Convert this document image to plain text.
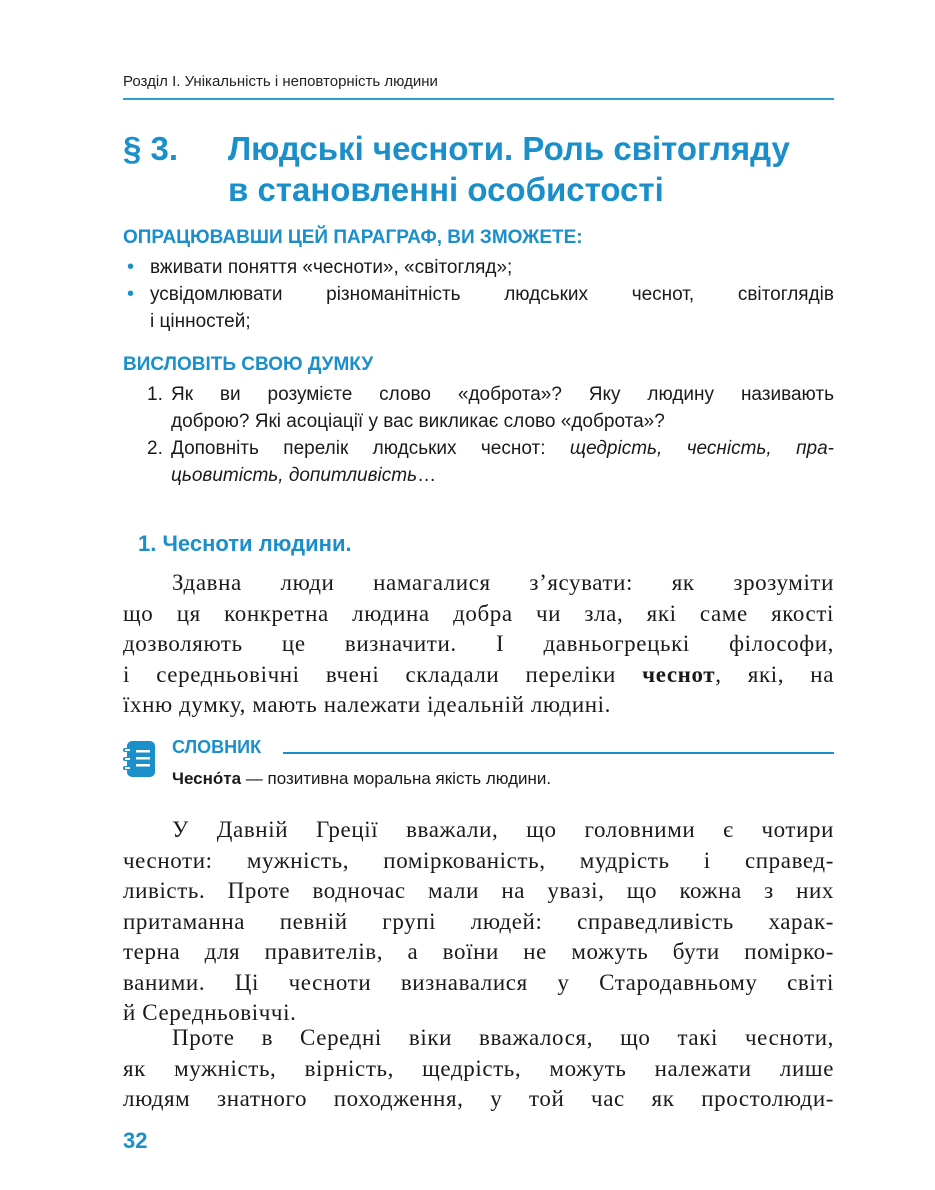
Розділ І. Унікальність і неповторність людини
§ 3. Людські чесноти. Роль світогляду
в становленні особистості
ОПРАЦЮВАВШИ ЦЕЙ ПАРАГРАФ, ВИ ЗМОЖЕТЕ:
• вживати поняття «чесноти», «світогляд»;
• усвідомлювати різноманітність людських чеснот, світоглядів
і цінностей;
ВИСЛОВІТЬ СВОЮ ДУМКУ
1. Як ви розумієте слово «доброта»? Яку людину називають
доброю? Які асоціації у вас викликає слово «доброта»?
2. Доповніть перелік людських чеснот: щедрість, чесність, пра-
цьовитість, допитливість…
1. Чесноти людини.
Здавна люди намагалися з’ясувати: як зрозуміти
що ця конкретна людина добра чи зла, які саме якості
дозволяють це визначити. І давньогрецькі філософи,
і середньовічні вчені складали переліки чеснот, які, на
їхню думку, мають належати ідеальній людині.
СЛОВНИК
Чесно́та — позитивна моральна якість людини.
У Давній Греції вважали, що головними є чотири
чесноти: мужність, поміркованість, мудрість і справед-
ливість. Проте водночас мали на увазі, що кожна з них
притаманна певній групі людей: справедливість харак-
терна для правителів, а воїни не можуть бути помірко-
ваними. Ці чесноти визнавалися у Стародавньому світі
й Середньовіччі.
Проте в Середні віки вважалося, що такі чесноти,
як мужність, вірність, щедрість, можуть належати лише
людям знатного походження, у той час як простолюди-
32
